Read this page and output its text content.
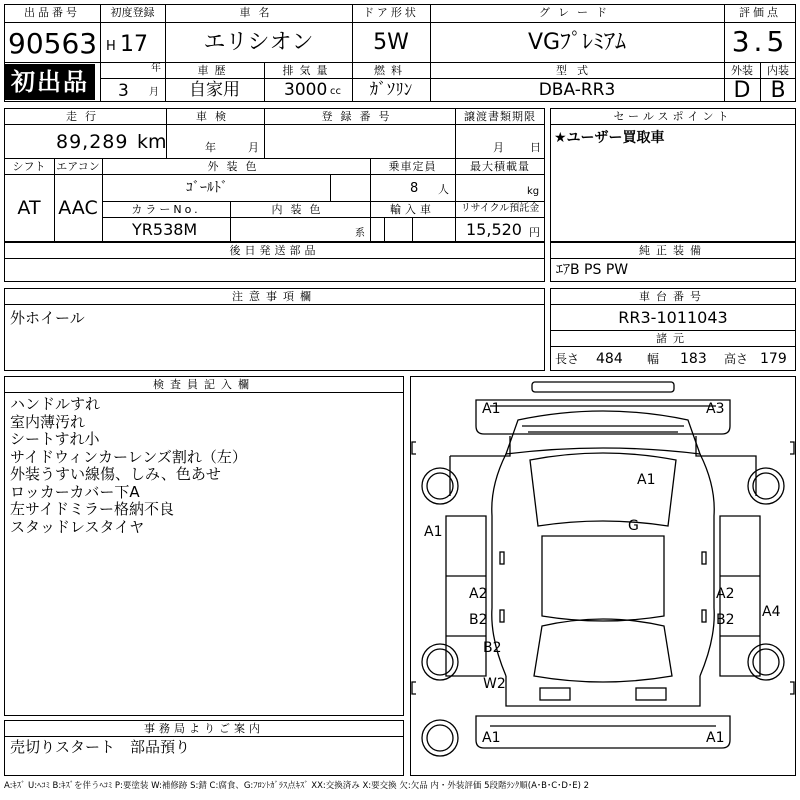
出品番号
90563
初出品
初度登録
H 17
年
3 月
車名
エリシオン
ドア形状
5W
グレード
VGﾌﾟﾚﾐｱﾑ
評価点
3.5
車歴
自家用
排気量
3000 cc
燃料
ｶﾞｿﾘﾝ
型式
DBA-RR3
外装	内装
D B
走行
89,289 km
車検
年	月
登録番号	譲渡書類期限
月 日
シフト エアコン
AT AAC
外装色
ｺﾞｰﾙﾄﾞ
乗車定員
8 人
最大積載量
kg
カラーNo.
YR538M
内装色
系
輸入車	リサイクル預託金
15,520 円
後日発送部品
セールスポイント
★ユーザー買取車
純正装備
ｴｱB PS PW
注意事項欄
外ホイール
車台番号
RR3-1011043
諸元
長さ 484 幅 183 高さ 179
検査員記入欄
ハンドルすれ
室内薄汚れ
シートすれ小
サイドウィンカーレンズ割れ（左）
外装うすい線傷、しみ、色あせ
ロッカーカバー下A
左サイドミラー格納不良
スタッドレスタイヤ
事務局よりご案内
売切りスタート　部品預り
A1	A3
A1
G
A1
A2
B2
A2
B2 A4
B2
W2
A1	A1
A:ｷｽﾞ U:ﾍｺﾐ B:ｷｽﾞを伴うﾍｺﾐ P:要塗装 W:補修跡 S:錆 C:腐食、G:ﾌﾛﾝﾄｶﾞﾗｽ点ｷｽﾞ XX:交換済み X:要交換 欠:欠品 内・外装評価 5段階ﾗﾝｸ順(A･B･C･D･E) 2
